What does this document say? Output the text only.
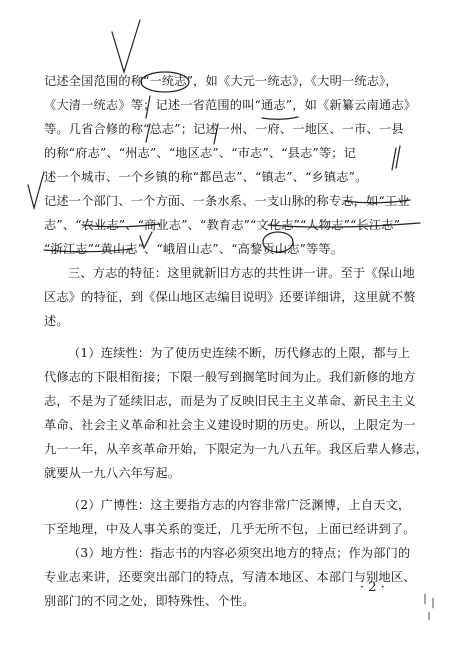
记述全国范围的称“一统志”，如《大元一统志》，《大明一统志》，
《大清一统志》等；记述一省范围的叫“通志”，如《新纂云南通志》
等。几省合修的称“总志”；记述一州、一府、一地区、一市、一县
的称“府志”、“州志”、“地区志”、“市志”、“县志”等；记
述一个城市、一个乡镇的称“都邑志”、“镇志”、“乡镇志”。
记述一个部门、一个方面、一条水系、一支山脉的称专志，如“工业
志”、“农业志”、“商业志”、“教育志”“文化志”“人物志”“长江志”
“浙江志”“黄山志”、“峨眉山志”、“高黎贡山志”等等。
三、方志的特征：这里就新旧方志的共性讲一讲。至于《保山地
区志》的特征，到《保山地区志编目说明》还要详细讲，这里就不赘
述。
（1）连续性：为了使历史连续不断，历代修志的上限，都与上
代修志的下限相衔接；下限一般写到搁笔时间为止。我们新修的地方
志，不是为了延续旧志，而是为了反映旧民主主义革命、新民主主义
革命、社会主义革命和社会主义建设时期的历史。所以，上限定为一
九一一年，从辛亥革命开始，下限定为一九八五年。我区后辈人修志，
就要从一九八六年写起。
（2）广博性：这主要指方志的内容非常广泛渊博，上自天文，
下至地理，中及人事关系的变迁，几乎无所不包，上面已经讲到了。
（3）地方性：指志书的内容必须突出地方的特点；作为部门的
专业志来讲，还要突出部门的特点，写清本地区、本部门与别地区、
别部门的不同之处，即特殊性、个性。
· 2 ·
